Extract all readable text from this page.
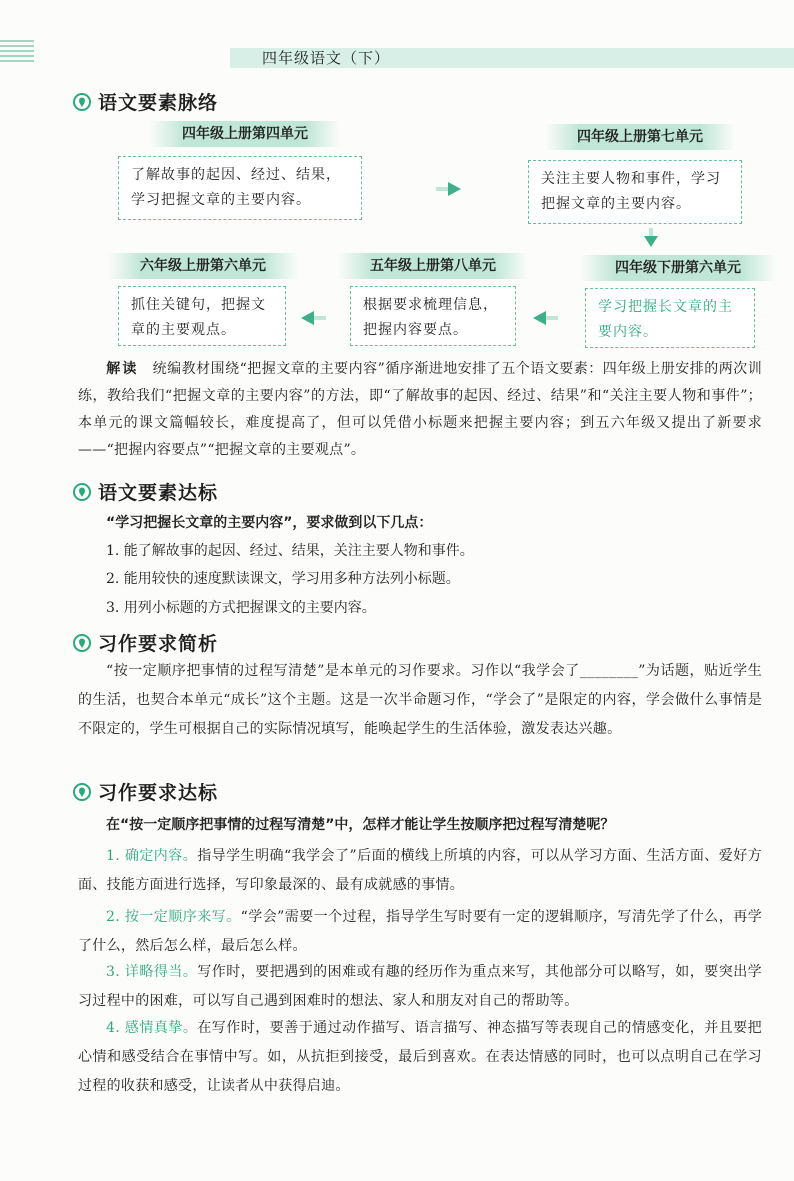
四年级语文（下）
语文要素脉络
四年级上册第四单元	四年级上册第七单元
四年级下册第六单元
五年级上册第八单元
六年级上册第六单元
了解故事的起因、经过、结果，学习把握文章的主要内容。
关注主要人物和事件，学习把握文章的主要内容。
学习把握长文章的主要内容。
根据要求梳理信息，把握内容要点。
抓住关键句，把握文章的主要观点。
解读 统编教材围绕“把握文章的主要内容”循序渐进地安排了五个语文要素：四年级上册安排的两次训练，教给我们“把握文章的主要内容”的方法，即“了解故事的起因、经过、结果”和“关注主要人物和事件”；本单元的课文篇幅较长，难度提高了，但可以凭借小标题来把握主要内容；到五六年级又提出了新要求——“把握内容要点”“把握文章的主要观点”。
语文要素达标
“学习把握长文章的主要内容”，要求做到以下几点：
1. 能了解故事的起因、经过、结果，关注主要人物和事件。
2. 能用较快的速度默读课文，学习用多种方法列小标题。
3. 用列小标题的方式把握课文的主要内容。
习作要求简析
“按一定顺序把事情的过程写清楚”是本单元的习作要求。习作以“我学会了________”为话题，贴近学生的生活，也契合本单元“成长”这个主题。这是一次半命题习作，“学会了”是限定的内容，学会做什么事情是不限定的，学生可根据自己的实际情况填写，能唤起学生的生活体验，激发表达兴趣。
习作要求达标
在“按一定顺序把事情的过程写清楚”中，怎样才能让学生按顺序把过程写清楚呢？
1. 确定内容。指导学生明确“我学会了”后面的横线上所填的内容，可以从学习方面、生活方面、爱好方面、技能方面进行选择，写印象最深的、最有成就感的事情。
2. 按一定顺序来写。“学会”需要一个过程，指导学生写时要有一定的逻辑顺序，写清先学了什么，再学了什么，然后怎么样，最后怎么样。
3. 详略得当。写作时，要把遇到的困难或有趣的经历作为重点来写，其他部分可以略写，如，要突出学习过程中的困难，可以写自己遇到困难时的想法、家人和朋友对自己的帮助等。
4. 感情真挚。在写作时，要善于通过动作描写、语言描写、神态描写等表现自己的情感变化，并且要把心情和感受结合在事情中写。如，从抗拒到接受，最后到喜欢。在表达情感的同时，也可以点明自己在学习过程的收获和感受，让读者从中获得启迪。
